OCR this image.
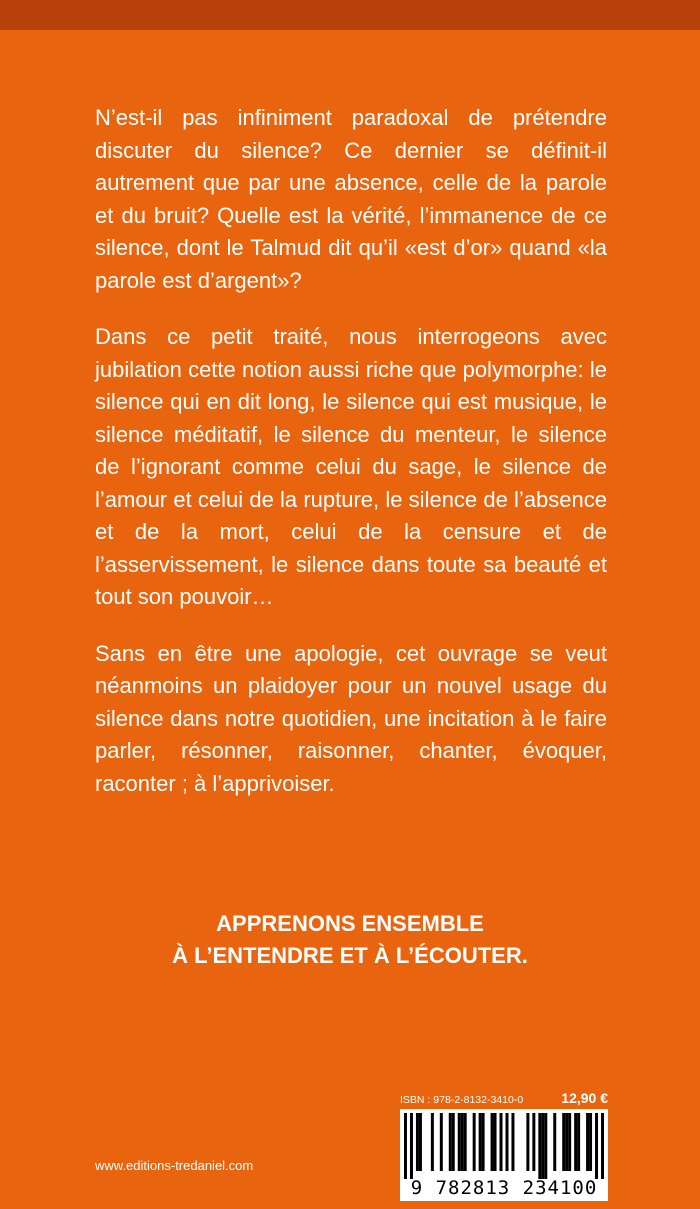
N’est-il pas infiniment paradoxal de prétendre discuter du silence? Ce dernier se définit-il autrement que par une absence, celle de la parole et du bruit? Quelle est la vérité, l’immanence de ce silence, dont le Talmud dit qu’il «est d’or» quand «la parole est d’argent»?

Dans ce petit traité, nous interrogeons avec jubilation cette notion aussi riche que polymorphe: le silence qui en dit long, le silence qui est musique, le silence méditatif, le silence du menteur, le silence de l’ignorant comme celui du sage, le silence de l’amour et celui de la rupture, le silence de l’absence et de la mort, celui de la censure et de l’asservissement, le silence dans toute sa beauté et tout son pouvoir…

Sans en être une apologie, cet ouvrage se veut néanmoins un plaidoyer pour un nouvel usage du silence dans notre quotidien, une incitation à le faire parler, résonner, raisonner, chanter, évoquer, raconter ; à l’apprivoiser.

APPRENONS ENSEMBLE
À L’ENTENDRE ET À L’ÉCOUTER.
www.editions-tredaniel.com
ISBN : 978-2-8132-3410-0	12,90 €
9 782813 234100
